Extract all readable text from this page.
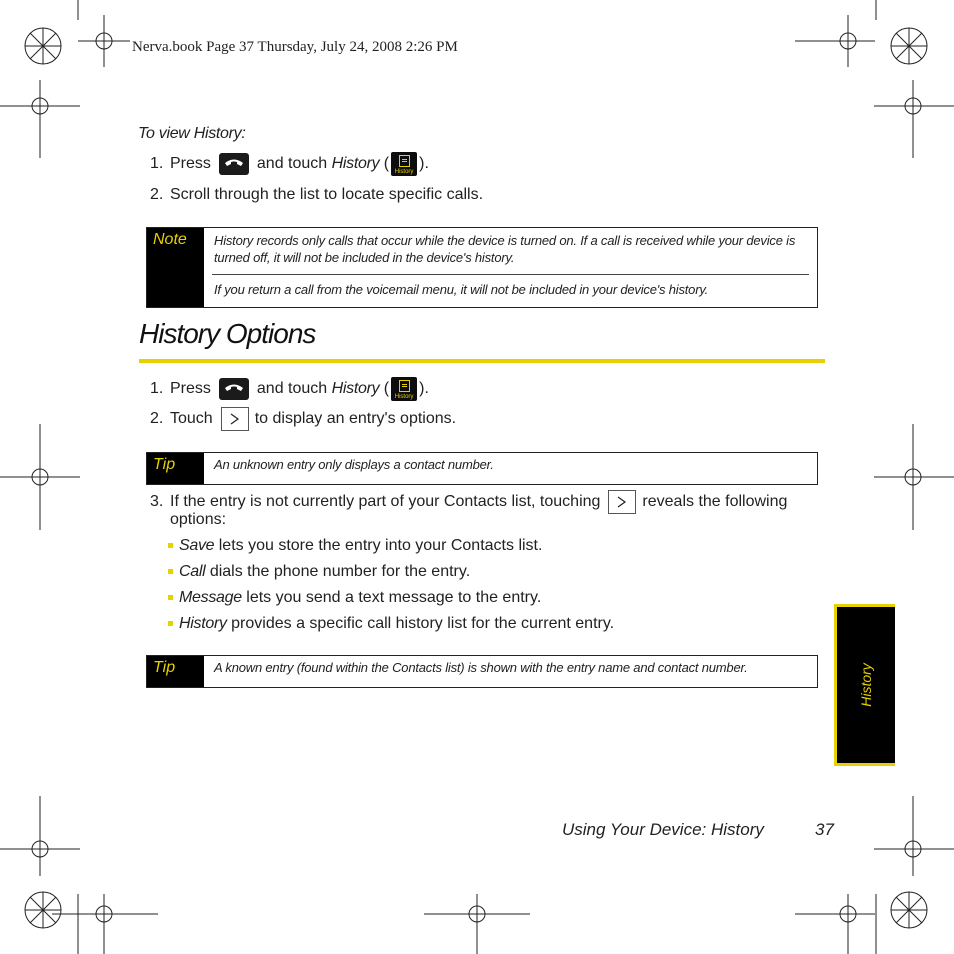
Nerva.book Page 37 Thursday, July 24, 2008 2:26 PM
To view History:
1. Press	and touch
History
( History ).
2. Scroll through the list to locate specific calls.
Note	History records only calls that occur while the device is turned on. If a call is received while your device is turned off, it will not be included in the device's history.
If you return a call from the voicemail menu, it will not be included in your device's history.
History Options
1. Press	and touch
History
( History ).
2. Touch	to display an entry's options.
Tip	An unknown entry only displays a contact number.
3. If the entry is not currently part of your Contacts list, touching	reveals the following
options:
Save lets you store the entry into your Contacts list.
Call dials the phone number for the entry.
Message lets you send a text message to the entry.
History provides a specific call history list for the current entry.
Tip	A known entry (found within the Contacts list) is shown with the entry name and contact number.	History
Using Your Device: History	37
